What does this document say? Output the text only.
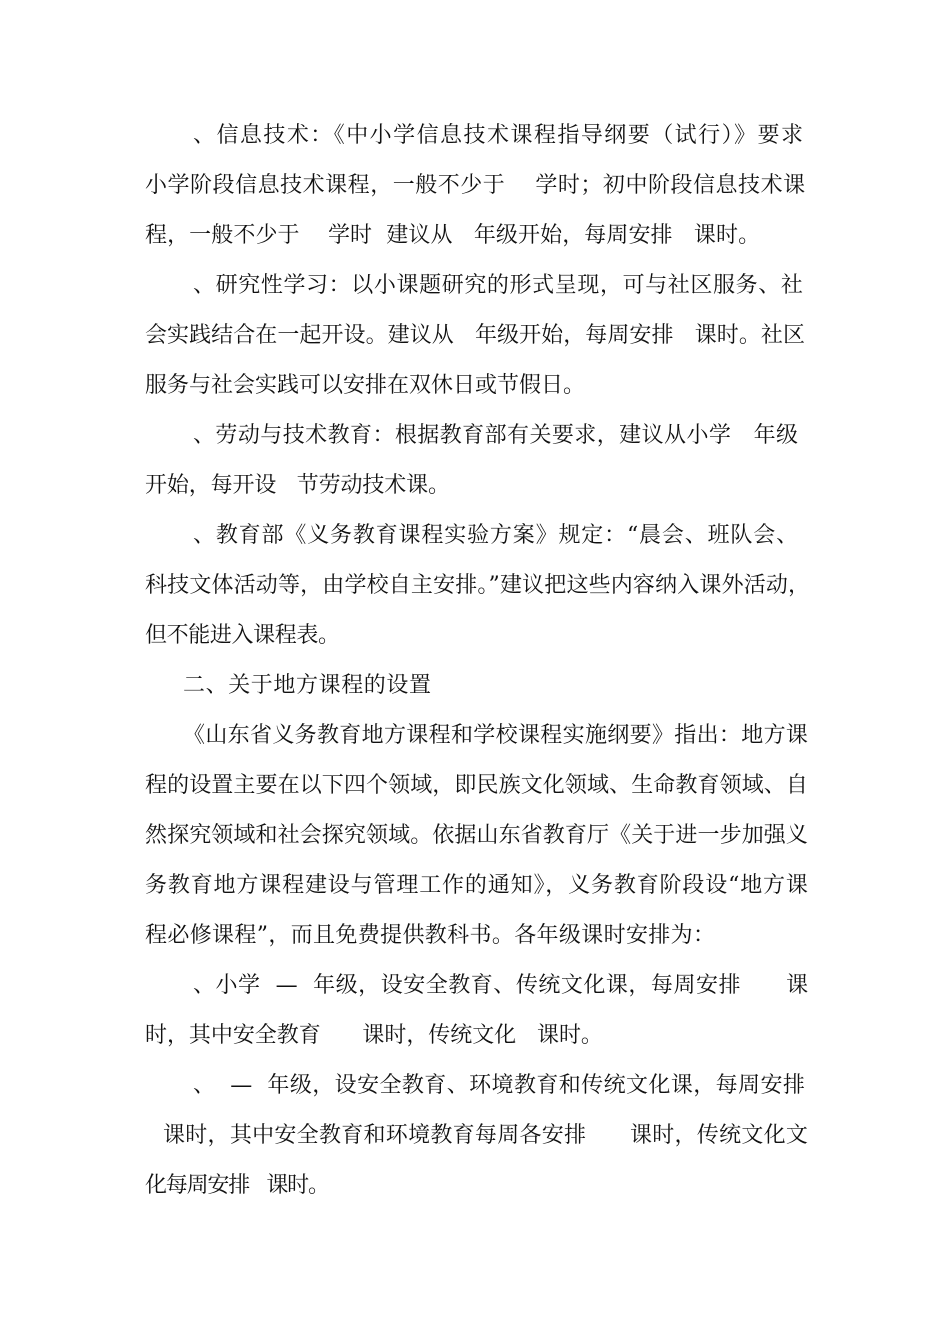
、信息技术：《中小学信息技术课程指导纲要（试行）》要求
小学阶段信息技术课程，一般不少于    学时；初中阶段信息技术课
程，一般不少于    学时  建议从   年级开始，每周安排   课时。
、研究性学习：以小课题研究的形式呈现，可与社区服务、社
会实践结合在一起开设。建议从   年级开始，每周安排   课时。社区
服务与社会实践可以安排在双休日或节假日。
、劳动与技术教育：根据教育部有关要求，建议从小学   年级
开始，每开设   节劳动技术课。
、教育部《义务教育课程实验方案》规定：“晨会、班队会、
科技文体活动等，由学校自主安排。”建议把这些内容纳入课外活动，
但不能进入课程表。
二、关于地方课程的设置
《山东省义务教育地方课程和学校课程实施纲要》指出：地方课
程的设置主要在以下四个领域，即民族文化领域、生命教育领域、自
然探究领域和社会探究领域。依据山东省教育厅《关于进一步加强义
务教育地方课程建设与管理工作的通知》，义务教育阶段设“地方课
程必修课程”，而且免费提供教科书。各年级课时安排为：
、小学  —  年级，设安全教育、传统文化课，每周安排      课
时，其中安全教育      课时，传统文化   课时。
、  —  年级，设安全教育、环境教育和传统文化课，每周安排
课时，其中安全教育和环境教育每周各安排      课时，传统文化文
化每周安排   课时。
